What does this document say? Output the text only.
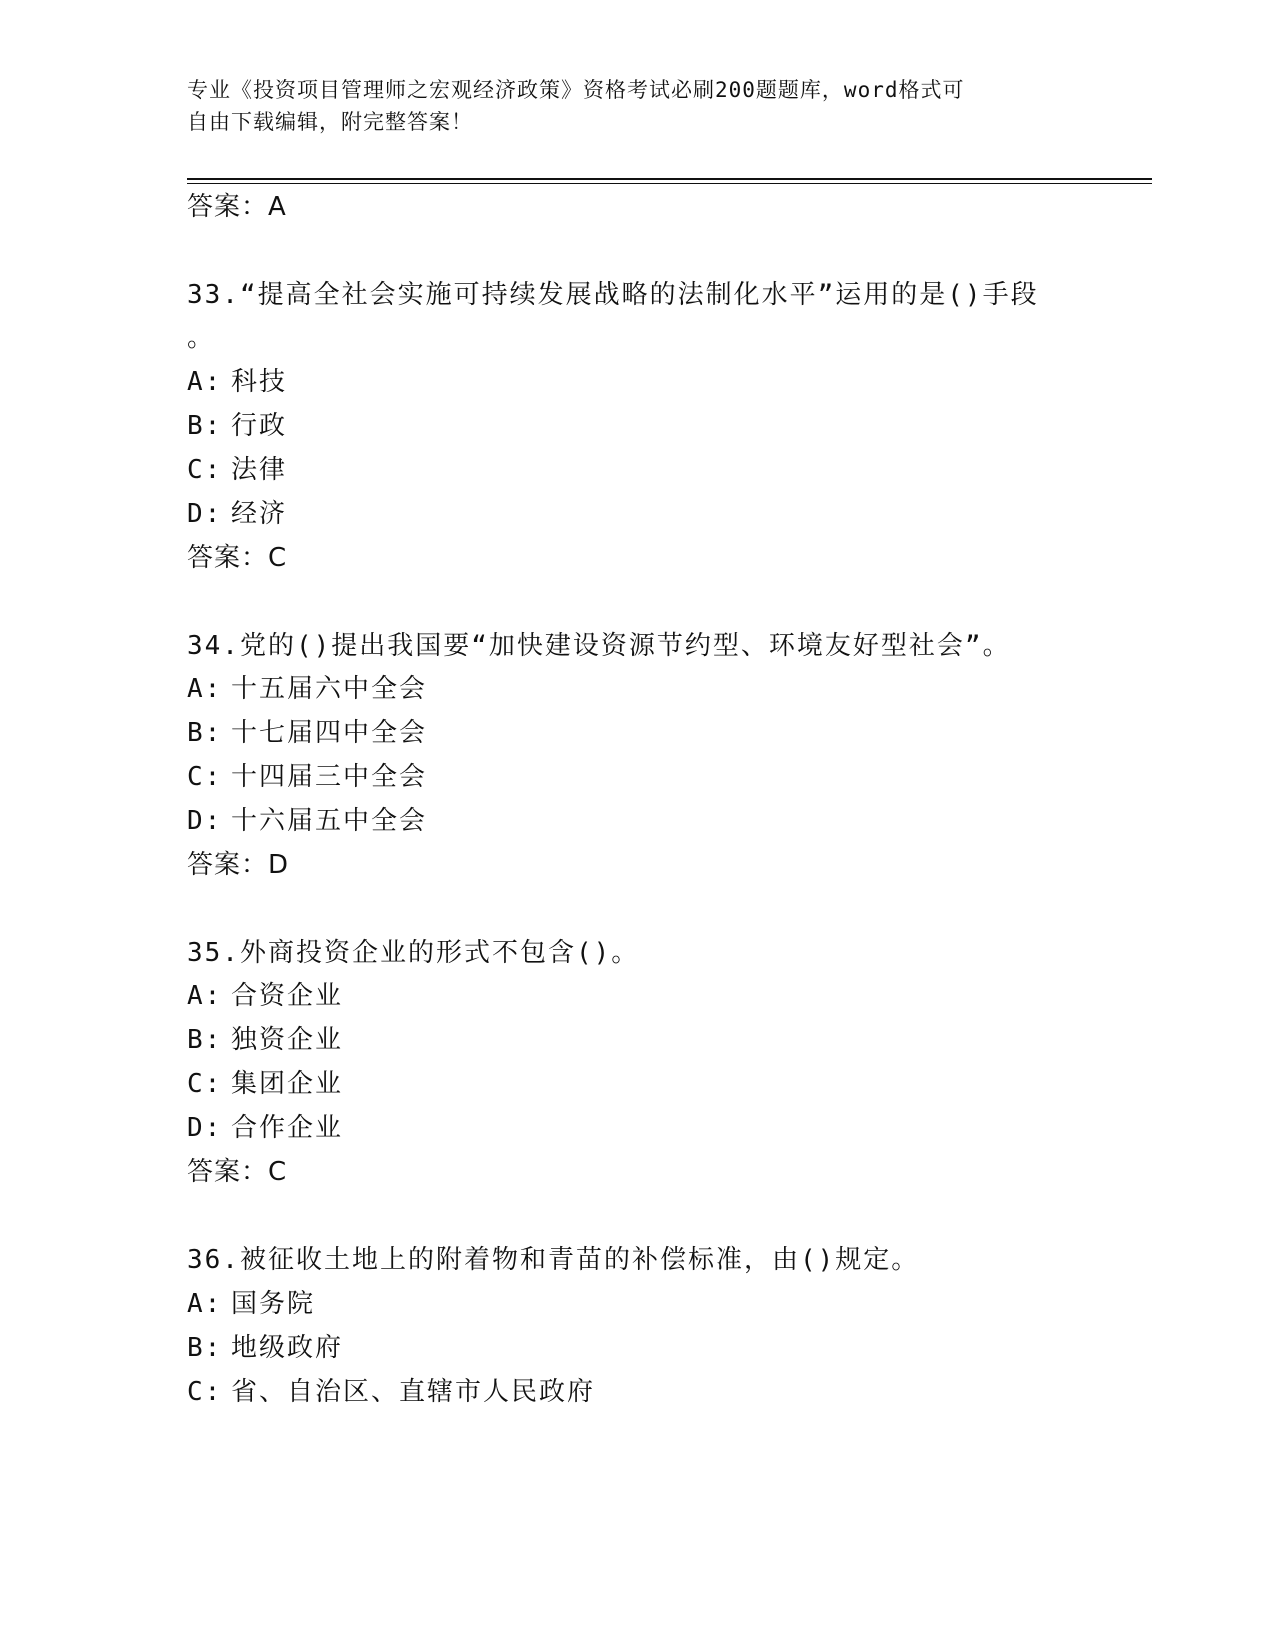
专业《投资项目管理师之宏观经济政策》资格考试必刷200题题库，word格式可
自由下载编辑，附完整答案！
答案：A
33.“提高全社会实施可持续发展战略的法制化水平”运用的是()手段
。
A: 科技
B: 行政
C: 法律
D: 经济
答案：C
34.党的()提出我国要“加快建设资源节约型、环境友好型社会”。
A: 十五届六中全会
B: 十七届四中全会
C: 十四届三中全会
D: 十六届五中全会
答案：D
35.外商投资企业的形式不包含()。
A: 合资企业
B: 独资企业
C: 集团企业
D: 合作企业
答案：C
36.被征收土地上的附着物和青苗的补偿标准，由()规定。
A: 国务院
B: 地级政府
C: 省、自治区、直辖市人民政府
